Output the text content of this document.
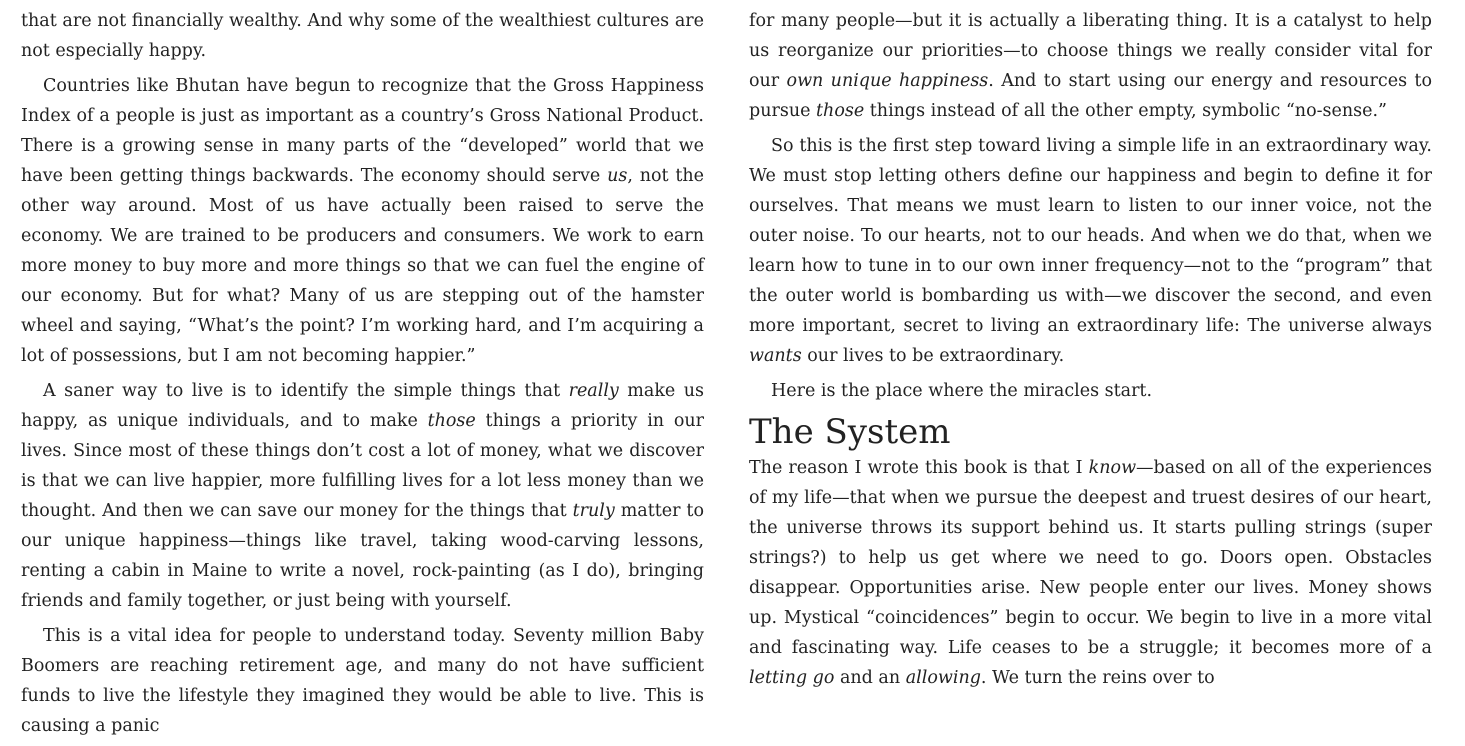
that are not financially wealthy. And why some of the wealthiest cultures are not especially happy.

Countries like Bhutan have begun to recognize that the Gross Happiness Index of a people is just as important as a country’s Gross National Product. There is a growing sense in many parts of the “developed” world that we have been getting things backwards. The economy should serve us, not the other way around. Most of us have actually been raised to serve the economy. We are trained to be producers and consumers. We work to earn more money to buy more and more things so that we can fuel the engine of our economy. But for what? Many of us are stepping out of the hamster wheel and saying, “What’s the point? I’m working hard, and I’m acquiring a lot of possessions, but I am not becoming happier.”

A saner way to live is to identify the simple things that really make us happy, as unique individuals, and to make those things a priority in our lives. Since most of these things don’t cost a lot of money, what we discover is that we can live happier, more fulfilling lives for a lot less money than we thought. And then we can save our money for the things that truly matter to our unique happiness—things like travel, taking wood-carving lessons, renting a cabin in Maine to write a novel, rock-painting (as I do), bringing friends and family together, or just being with yourself.

This is a vital idea for people to understand today. Seventy million Baby Boomers are reaching retirement age, and many do not have sufficient funds to live the lifestyle they imagined they would be able to live. This is causing a panic

for many people—but it is actually a liberating thing. It is a catalyst to help us reorganize our priorities—to choose things we really consider vital for our own unique happiness. And to start using our energy and resources to pursue those things instead of all the other empty, symbolic “no-sense.”

So this is the first step toward living a simple life in an extraordinary way. We must stop letting others define our happiness and begin to define it for ourselves. That means we must learn to listen to our inner voice, not the outer noise. To our hearts, not to our heads. And when we do that, when we learn how to tune in to our own inner frequency—not to the “program” that the outer world is bombarding us with—we discover the second, and even more important, secret to living an extraordinary life: The universe always wants our lives to be extraordinary.

Here is the place where the miracles start.

The System

The reason I wrote this book is that I know—based on all of the experiences of my life—that when we pursue the deepest and truest desires of our heart, the universe throws its support behind us. It starts pulling strings (super strings?) to help us get where we need to go. Doors open. Obstacles disappear. Opportunities arise. New people enter our lives. Money shows up. Mystical “coincidences” begin to occur. We begin to live in a more vital and fascinating way. Life ceases to be a struggle; it becomes more of a letting go and an allowing. We turn the reins over to
